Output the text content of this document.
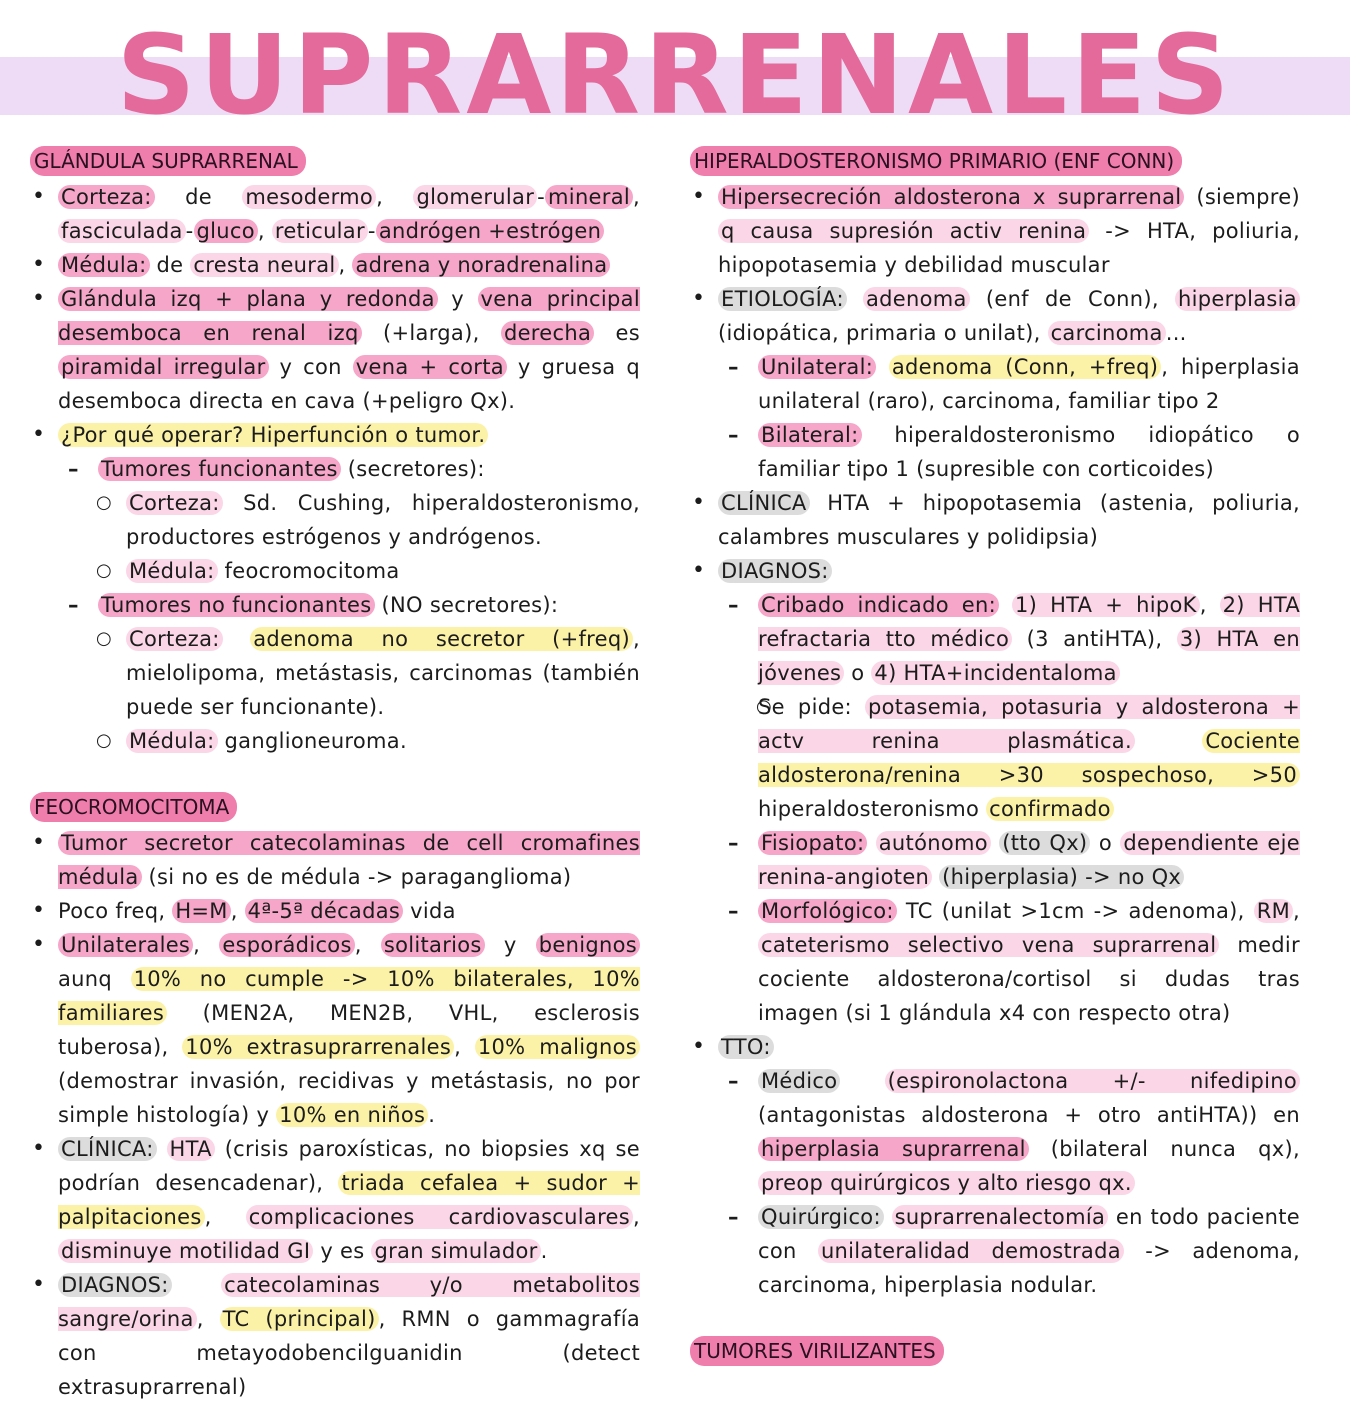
SUPRARRENALES
GLÁNDULA SUPRARRENAL
• Corteza: de mesodermo , glomerular - mineral , fasciculada - gluco , reticular - andrógen +estrógen
• Médula: de cresta neural , adrena y noradrenalina
• Glándula izq + plana y redonda y vena principal desemboca en renal izq (+larga), derecha es piramidal irregular y con vena + corta y gruesa q desemboca directa en cava (+peligro Qx).
• ¿Por qué operar? Hiperfunción o tumor.
– Tumores funcionantes (secretores):
○ Corteza: Sd. Cushing, hiperaldosteronismo, productores estrógenos y andrógenos.
○ Médula: feocromocitoma
– Tumores no funcionantes (NO secretores):
○ Corteza: adenoma no secretor (+freq) , mielolipoma, metástasis, carcinomas (también puede ser funcionante).
○ Médula: ganglioneuroma.
FEOCROMOCITOMA
• Tumor secretor catecolaminas de cell cromafines médula (si no es de médula -> paraganglioma)
• Poco freq, H=M , 4ª-5ª décadas vida
• Unilaterales , esporádicos , solitarios y benignos aunq 10% no cumple -> 10% bilaterales, 10% familiares (MEN2A, MEN2B, VHL, esclerosis tuberosa), 10% extrasuprarrenales , 10% malignos (demostrar invasión, recidivas y metástasis, no por simple histología) y 10% en niños .
• CLÍNICA: HTA (crisis paroxísticas, no biopsies xq se podrían desencadenar), triada cefalea + sudor + palpitaciones , complicaciones cardiovasculares , disminuye motilidad GI y es gran simulador .
• DIAGNOS:	catecolaminas y/o metabolitos sangre/orina , TC (principal) , RMN o gammagrafía con metayodobencilguanidin (detect extrasuprarrenal)
HIPERALDOSTERONISMO PRIMARIO (ENF CONN)
• Hipersecreción aldosterona x suprarrenal (siempre) q causa supresión activ renina -> HTA, poliuria, hipopotasemia y debilidad muscular
• ETIOLOGÍA: adenoma (enf de Conn), hiperplasia (idiopática, primaria o unilat), carcinoma ...
– Unilateral: adenoma (Conn, +freq) , hiperplasia unilateral (raro), carcinoma, familiar tipo 2
– Bilateral: hiperaldosteronismo idiopático o familiar tipo 1 (supresible con corticoides)
• CLÍNICA HTA + hipopotasemia (astenia, poliuria, calambres musculares y polidipsia)
• DIAGNOS:
– Cribado indicado en: 1) HTA + hipoK , 2) HTA refractaria tto médico (3 antiHTA), 3) HTA en jóvenes o 4) HTA+incidentaloma
○ Se pide: potasemia, potasuria y aldosterona + actv renina plasmática.	Cociente aldosterona/renina >30 sospechoso, >50 hiperaldosteronismo confirmado
– Fisiopato: autónomo (tto Qx) o dependiente eje renina-angioten (hiperplasia) -> no Qx
– Morfológico: TC (unilat >1cm -> adenoma), RM , cateterismo selectivo vena suprarrenal medir cociente aldosterona/cortisol si dudas tras imagen (si 1 glándula x4 con respecto otra)
• TTO:
– Médico (espironolactona +/- nifedipino (antagonistas aldosterona + otro antiHTA)) en hiperplasia suprarrenal (bilateral nunca qx), preop quirúrgicos y alto riesgo qx.
– Quirúrgico: suprarrenalectomía en todo paciente con unilateralidad demostrada -> adenoma, carcinoma, hiperplasia nodular.
TUMORES VIRILIZANTES
